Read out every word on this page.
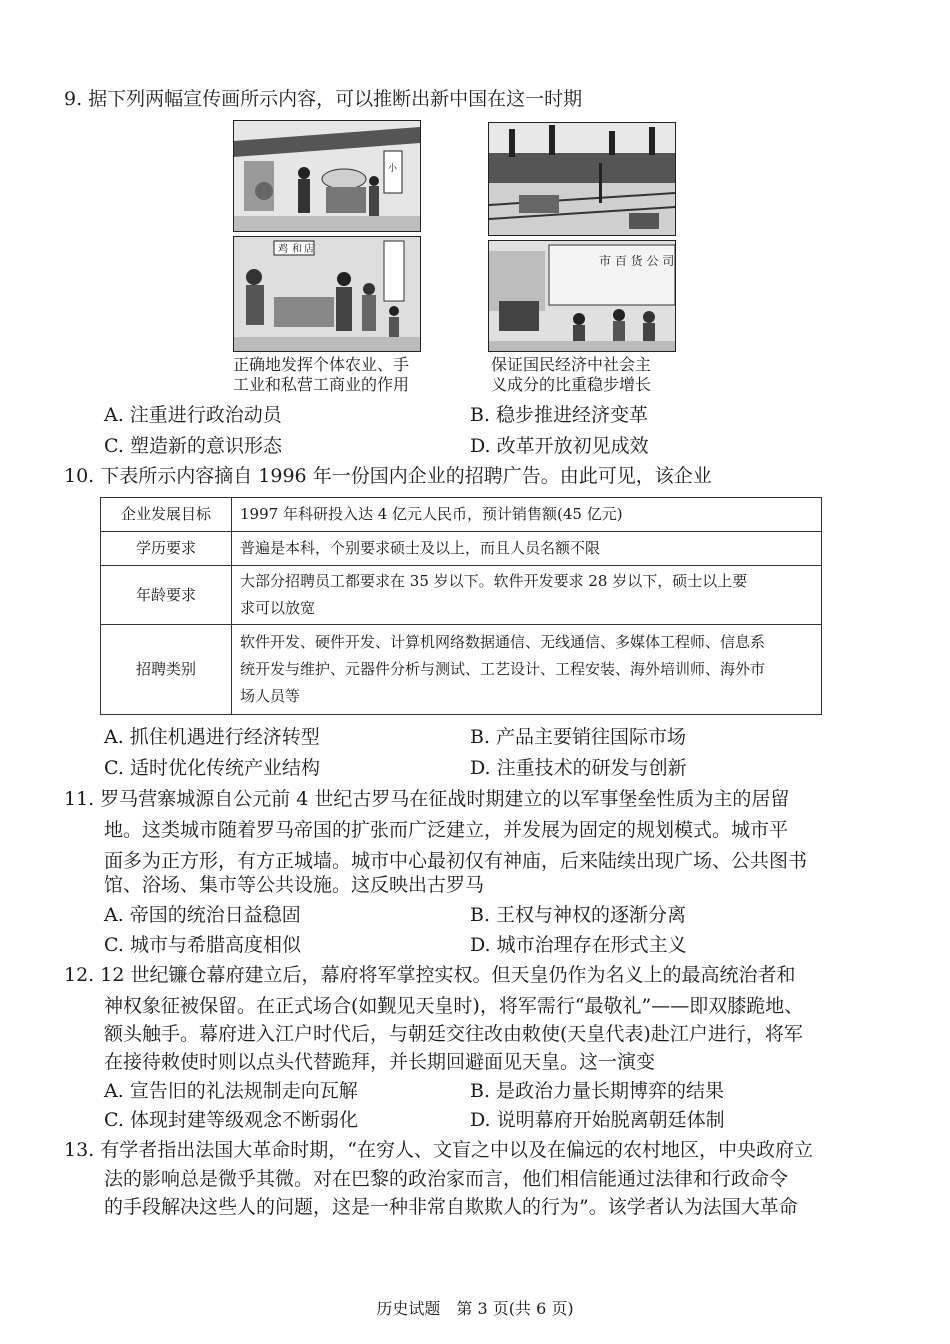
9. 据下列两幅宣传画所示内容，可以推断出新中国在这一时期
小
鸡 和 店
正确地发挥个体农业、手
工业和私营工商业的作用
市 百 货 公 司
保证国民经济中社会主
义成分的比重稳步增长
A. 注重进行政治动员	B. 稳步推进经济变革
C. 塑造新的意识形态	D. 改革开放初见成效
10. 下表所示内容摘自 1996 年一份国内企业的招聘广告。由此可见，该企业
企业发展目标	1997 年科研投入达 4 亿元人民币，预计销售额(45 亿元)
学历要求	普遍是本科，个别要求硕士及以上，而且人员名额不限
年龄要求	大部分招聘员工都要求在 35 岁以下。软件开发要求 28 岁以下，硕士以上要
求可以放宽

招聘类别	软件开发、硬件开发、计算机网络数据通信、无线通信、多媒体工程师、信息系
统开发与维护、元器件分析与测试、工艺设计、工程安装、海外培训师、海外市
场人员等
A. 抓住机遇进行经济转型	B. 产品主要销往国际市场
C. 适时优化传统产业结构	D. 注重技术的研发与创新
11. 罗马营寨城源自公元前 4 世纪古罗马在征战时期建立的以军事堡垒性质为主的居留
地。这类城市随着罗马帝国的扩张而广泛建立，并发展为固定的规划模式。城市平
面多为正方形，有方正城墙。城市中心最初仅有神庙，后来陆续出现广场、公共图书
馆、浴场、集市等公共设施。这反映出古罗马
A. 帝国的统治日益稳固	B. 王权与神权的逐渐分离
C. 城市与希腊高度相似	D. 城市治理存在形式主义
12. 12 世纪镰仓幕府建立后，幕府将军掌控实权。但天皇仍作为名义上的最高统治者和
神权象征被保留。在正式场合(如觐见天皇时)，将军需行“最敬礼”——即双膝跪地、
额头触手。幕府进入江户时代后，与朝廷交往改由敕使(天皇代表)赴江户进行，将军
在接待敕使时则以点头代替跪拜，并长期回避面见天皇。这一演变
A. 宣告旧的礼法规制走向瓦解	B. 是政治力量长期博弈的结果
C. 体现封建等级观念不断弱化	D. 说明幕府开始脱离朝廷体制
13. 有学者指出法国大革命时期，“在穷人、文盲之中以及在偏远的农村地区，中央政府立
法的影响总是微乎其微。对在巴黎的政治家而言，他们相信能通过法律和行政命令
的手段解决这些人的问题，这是一种非常自欺欺人的行为”。该学者认为法国大革命
历史试题　第 3 页(共 6 页)
